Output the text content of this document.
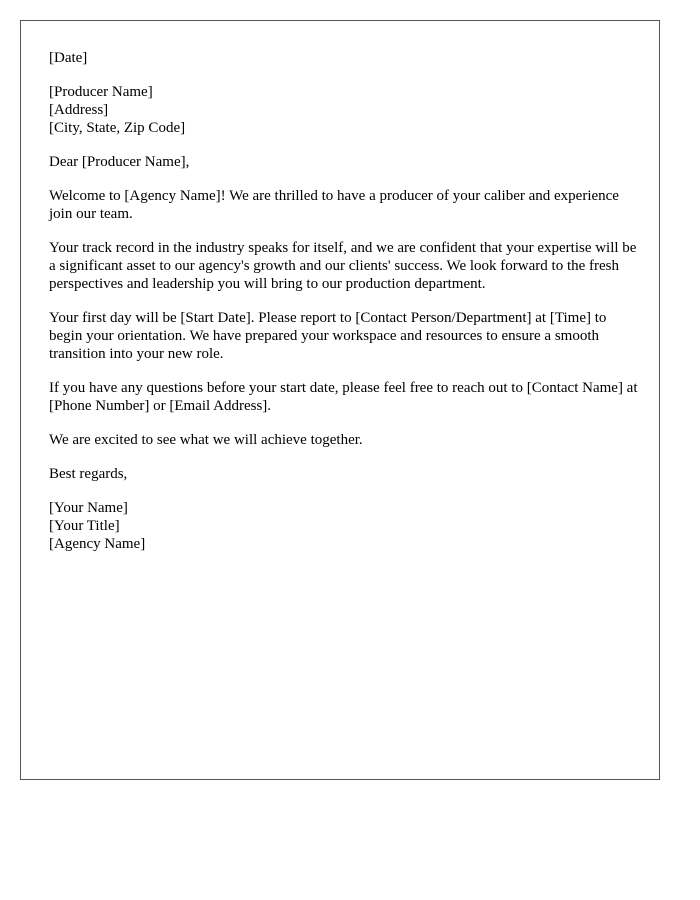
[Date]

[Producer Name]
[Address]
[City, State, Zip Code]

Dear [Producer Name],

Welcome to [Agency Name]! We are thrilled to have a producer of your caliber and experience join our team.

Your track record in the industry speaks for itself, and we are confident that your expertise will be a significant asset to our agency's growth and our clients' success. We look forward to the fresh perspectives and leadership you will bring to our production department.

Your first day will be [Start Date]. Please report to [Contact Person/Department] at [Time] to begin your orientation. We have prepared your workspace and resources to ensure a smooth transition into your new role.

If you have any questions before your start date, please feel free to reach out to [Contact Name] at [Phone Number] or [Email Address].

We are excited to see what we will achieve together.

Best regards,

[Your Name]
[Your Title]
[Agency Name]
